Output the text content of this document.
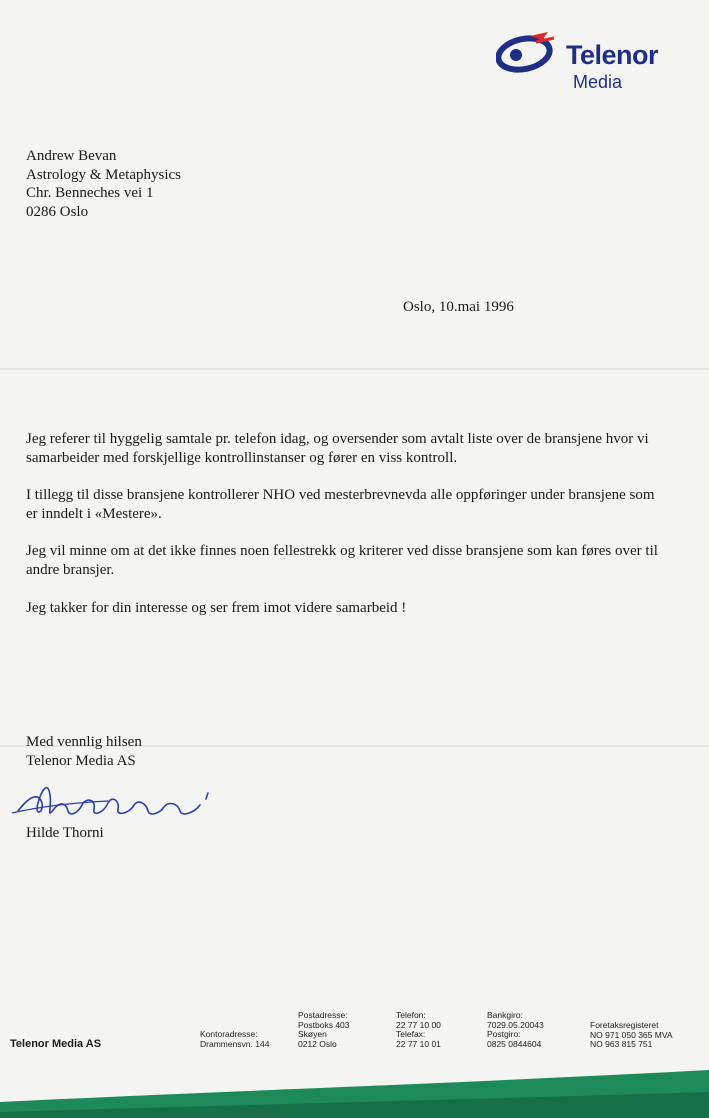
Telenor
Media
Andrew Bevan
Astrology & Metaphysics
Chr. Benneches vei 1
0286 Oslo
Oslo, 10.mai 1996

Jeg referer til hyggelig samtale pr. telefon idag, og oversender som avtalt liste over de bransjene hvor vi samarbeider med forskjellige kontrollinstanser og fører en viss kontroll.

I tillegg til disse bransjene kontrollerer NHO ved mesterbrevnevda alle oppføringer under bransjene som er inndelt i «Mestere».

Jeg vil minne om at det ikke finnes noen fellestrekk og kriterer ved disse bransjene som kan føres over til andre bransjer.

Jeg takker for din interesse og ser frem imot videre samarbeid !

Med vennlig hilsen
Telenor Media AS
Hilde Thorni
Telenor Media AS
Kontoradresse:
Drammensvn. 144
Postadresse:
Postboks 403
Skøyen
0212 Oslo
Telefon:
22 77 10 00
Telefax:
22 77 10 01
Bankgiro:
7029.05.20043
Postgiro:
0825 0844604
Foretaksregisteret
NO 971 050 365 MVA
NO 963 815 751
